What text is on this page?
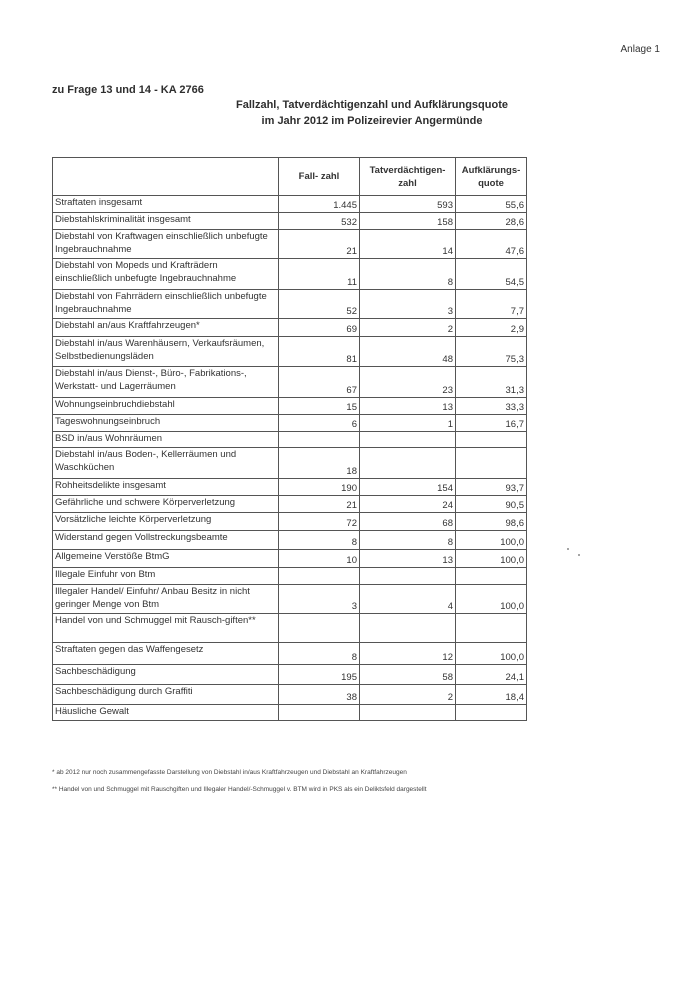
Anlage 1
zu Frage 13 und 14 - KA 2766
Fallzahl, Tatverdächtigenzahl und Aufklärungsquote
im Jahr 2012 im Polizeirevier Angermünde
	Fall- zahl	Tatverdächtigen- zahl	Aufklärungs- quote
Straftaten insgesamt	1.445	593	55,6
Diebstahlskriminalität insgesamt	532	158	28,6
Diebstahl von Kraftwagen einschließlich unbefugte Ingebrauchnahme	21	14	47,6
Diebstahl von Mopeds und Krafträdern einschließlich unbefugte Ingebrauchnahme	11	8	54,5
Diebstahl von Fahrrädern einschließlich unbefugte Ingebrauchnahme	52	3	7,7
Diebstahl an/aus Kraftfahrzeugen*	69	2	2,9
Diebstahl in/aus Warenhäusern, Verkaufsräumen, Selbstbedienungsläden	81	48	75,3
Diebstahl in/aus Dienst-, Büro-, Fabrikations-, Werkstatt- und Lagerräumen	67	23	31,3
Wohnungseinbruchdiebstahl	15	13	33,3
Tageswohnungseinbruch	6	1	16,7
BSD in/aus Wohnräumen			
Diebstahl in/aus Boden-, Kellerräumen und Waschküchen	18		
Rohheitsdelikte insgesamt	190	154	93,7
Gefährliche und schwere Körperverletzung	21	24	90,5
Vorsätzliche leichte Körperverletzung	72	68	98,6
Widerstand gegen Vollstreckungsbeamte	8	8	100,0
Allgemeine Verstöße BtmG	10	13	100,0
Illegale Einfuhr von Btm			
Illegaler Handel/ Einfuhr/ Anbau Besitz in nicht geringer Menge von Btm	3	4	100,0
Handel von und Schmuggel mit Rausch-giften**			
Straftaten gegen das Waffengesetz	8	12	100,0
Sachbeschädigung	195	58	24,1
Sachbeschädigung durch Graffiti	38	2	18,4
Häusliche Gewalt			
* ab 2012 nur noch zusammengefasste Darstellung von Diebstahl in/aus Kraftfahrzeugen und Diebstahl an Kraftfahrzeugen
** Handel von und Schmuggel mit Rauschgiften und Illegaler Handel/-Schmuggel v. BTM wird in PKS als ein Deliktsfeld dargestellt
